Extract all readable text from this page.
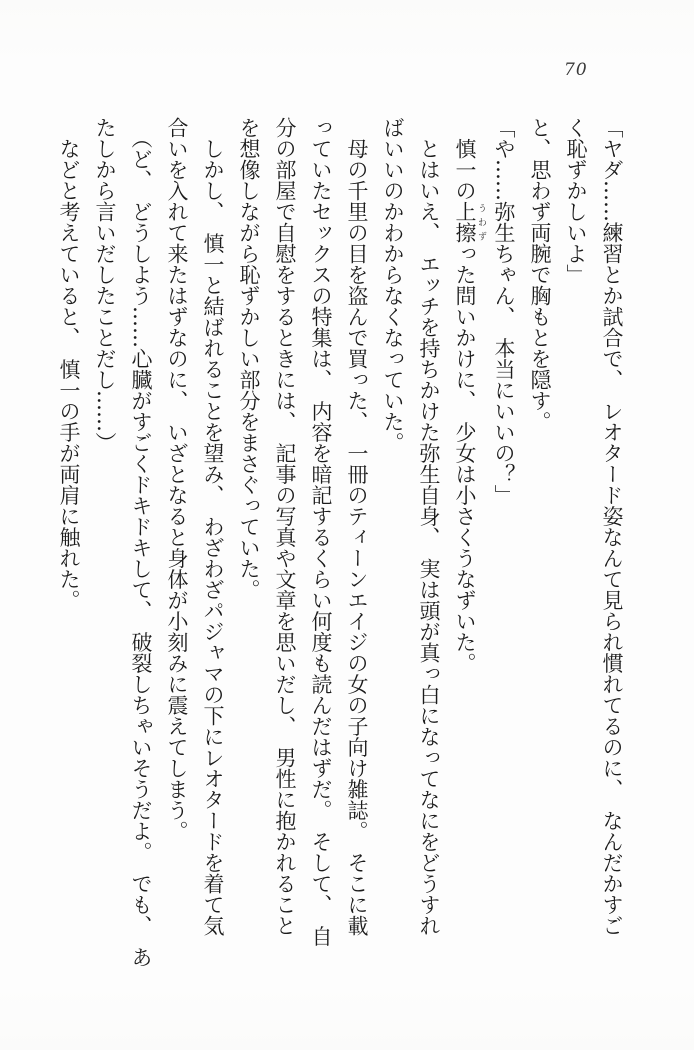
70
「ヤダ……練習とか試合で、　レオタード姿なんて見られ慣れてるのに、　なんだかすご
く恥ずかしいよ」
と、思わず両腕で胸もとを隠す。
「や……弥生ちゃん、　本当にいいの？」
　慎一の上擦 うわずった問いかけに、　少女は小さくうなずいた。
　とはいえ、　エッチを持ちかけた弥生自身、　実は頭が真っ白になってなにをどうすれ
ばいいのかわからなくなっていた。
　母の千里の目を盗んで買った、　一冊のティーンエイジの女の子向け雑誌。　そこに載
っていたセックスの特集は、　内容を暗記するくらい何度も読んだはずだ。　そして、　自
分の部屋で自慰をするときには、　記事の写真や文章を思いだし、　男性に抱かれること
を想像しながら恥ずかしい部分をまさぐっていた。
　しかし、　慎一と結ばれることを望み、　わざわざパジャマの下にレオタードを着て気
合いを入れて来たはずなのに、　いざとなると身体が小刻みに震えてしまう。
　（ど、　どうしよう……心臓がすごくドキドキして、　破裂しちゃいそうだよ。　でも、　あ
たしから言いだしたことだし……）
　などと考えていると、　慎一の手が両肩に触れた。
